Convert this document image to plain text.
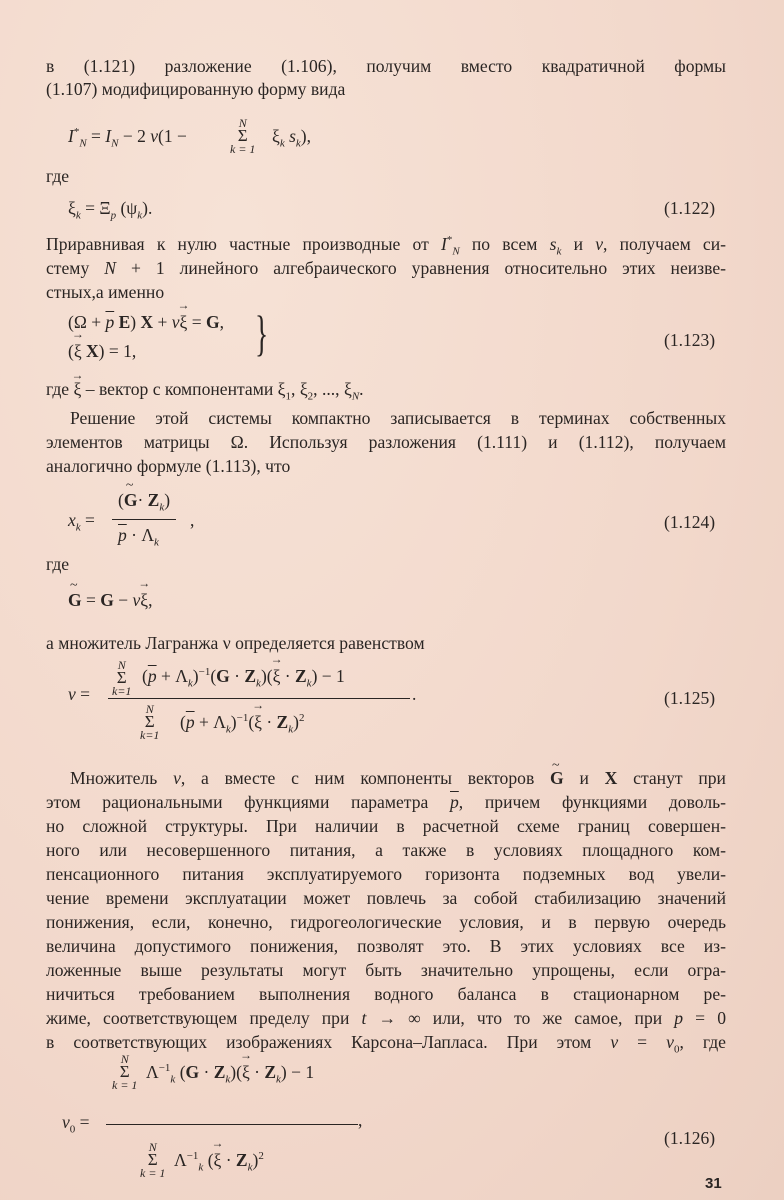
в (1.121) разложение (1.106), получим вместо квадратичной формы
(1.107) модифицированную форму вида
$I^*_N = I_N - 2$ ν(1 −
N
Σ
k = 1
$\xi_k$ $s_k$),
где
$\xi_k = \Xi_p$ $(\psi_k)$.	(1.122)
Приравнивая к нулю частные производные от $I^*_N$ по всем $s_k$ и ν, получаем си-
стему N + 1 линейного алгебраического уравнения относительно этих неизве-
стных,а именно
($\Omega + \overline{p}$ E) X + ν→ ξ = G,
(→ ξ X) = 1, }	(1.123)
где → ξ – вектор с компонентами $\xi_1$, $\xi_2$, ..., $\xi_N$.
Решение этой системы компактно записывается в терминах собственных
элементов матрицы Ω. Используя разложения (1.111) и (1.112), получаем
аналогично формуле (1.113), что
$x_k$ =
(~ $G\cdot Z_k$)
$\overline{p} \cdot \Lambda_k$
,	(1.124)
где
~ G = G − ν→ ξ,
а множитель Лагранжа ν определяется равенством
ν =
N
Σ
k=1
$(\overline{p} + \Lambda_k)^{-1}(G \cdot Z_k)(\to \xi \cdot Z_k) - 1$
.
N
Σ
k=1
$(\overline{p} + \Lambda_k)^{-1}(\to \xi \cdot Z_k)^2$
(1.125)
Множитель ν, а вместе с ним компоненты векторов ~ G и X станут при
этом рациональными функциями параметра $\overline{p}$, причем функциями доволь-
но сложной структуры. При наличии в расчетной схеме границ совершен-
ного или несовершенного питания, а также в условиях площадного ком-
пенсационного питания эксплуатируемого горизонта подземных вод увели-
чение времени эксплуатации может повлечь за собой стабилизацию значений
понижения, если, конечно, гидрогеологические условия, и в первую очередь
величина допустимого понижения, позволят это. В этих условиях все из-
ложенные выше результаты могут быть значительно упрощены, если огра-
ничиться требованием выполнения водного баланса в стационарном ре-
жиме, соответствующем пределу при t → ∞ или, что то же самое, при p = 0
в соответствующих изображениях Карсона–Лапласа. При этом $\nu = \nu_0$, где
N
Σ
k = 1
$\Lambda^{-1}_k$ $(G \cdot Z_k)(\to \xi \cdot Z_k) - 1$
$\nu_0$ =	,
N
Σ
k = 1
$\Lambda^{-1}_k$ (→ $\xi \cdot Z_k)^2$
(1.126)
31
